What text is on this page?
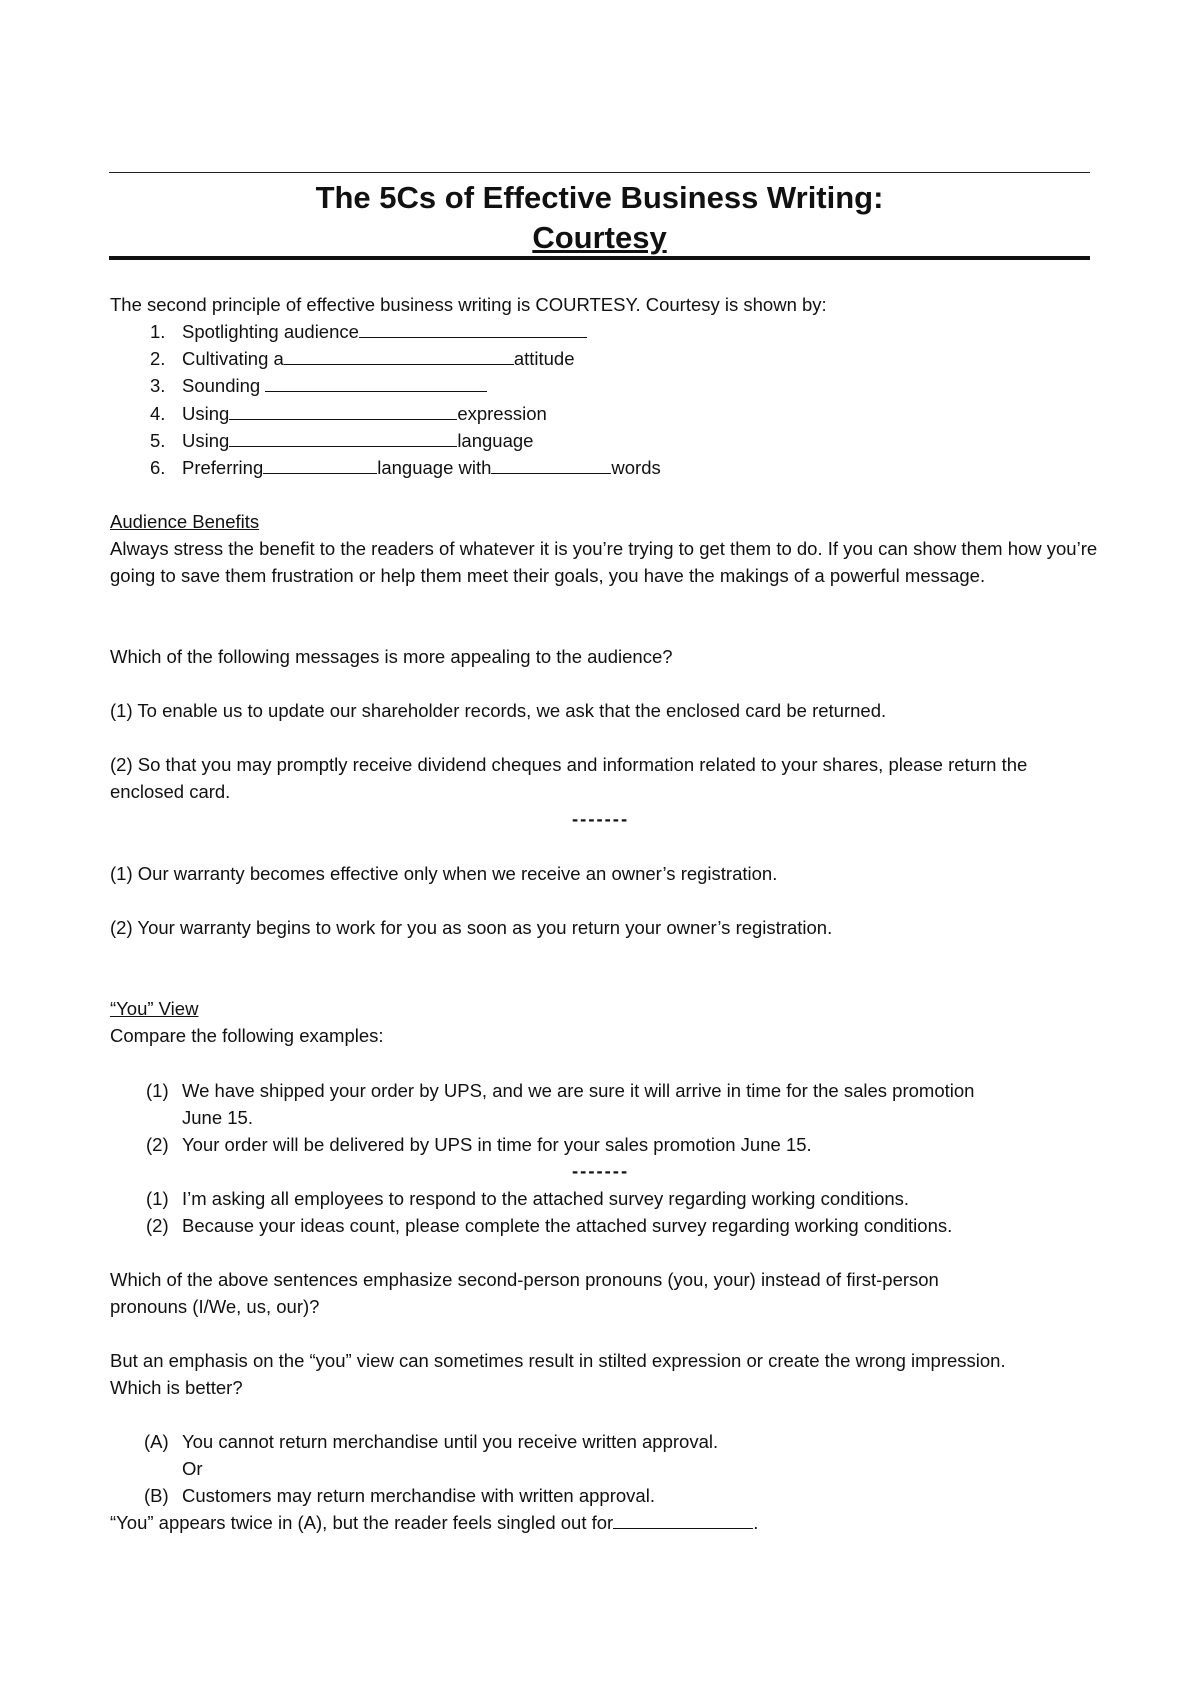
The 5Cs of Effective Business Writing:
Courtesy
The second principle of effective business writing is COURTESY. Courtesy is shown by:
1. Spotlighting audience
2. Cultivating a	attitude
3. Sounding
4. Using	expression
5. Using	language
6. Preferring	language with	words
Audience Benefits
Always stress the benefit to the readers of whatever it is you’re trying to get them to do. If you can show them how you’re going to save them frustration or help them meet their goals, you have the makings of a powerful message.
Which of the following messages is more appealing to the audience?
(1) To enable us to update our shareholder records, we ask that the enclosed card be returned.
(2) So that you may promptly receive dividend cheques and information related to your shares, please return the enclosed card.
-------
(1) Our warranty becomes effective only when we receive an owner’s registration.
(2) Your warranty begins to work for you as soon as you return your owner’s registration.
“You” View
Compare the following examples:
(1) We have shipped your order by UPS, and we are sure it will arrive in time for the sales promotion
June 15.
(2) Your order will be delivered by UPS in time for your sales promotion June 15.
-------
(1) I’m asking all employees to respond to the attached survey regarding working conditions.
(2) Because your ideas count, please complete the attached survey regarding working conditions.
Which of the above sentences emphasize second-person pronouns (you, your) instead of first-person
pronouns (I/We, us, our)?
But an emphasis on the “you” view can sometimes result in stilted expression or create the wrong impression.
Which is better?
(A) You cannot return merchandise until you receive written approval.
Or
(B) Customers may return merchandise with written approval.
“You” appears twice in (A), but the reader feels singled out for	.
